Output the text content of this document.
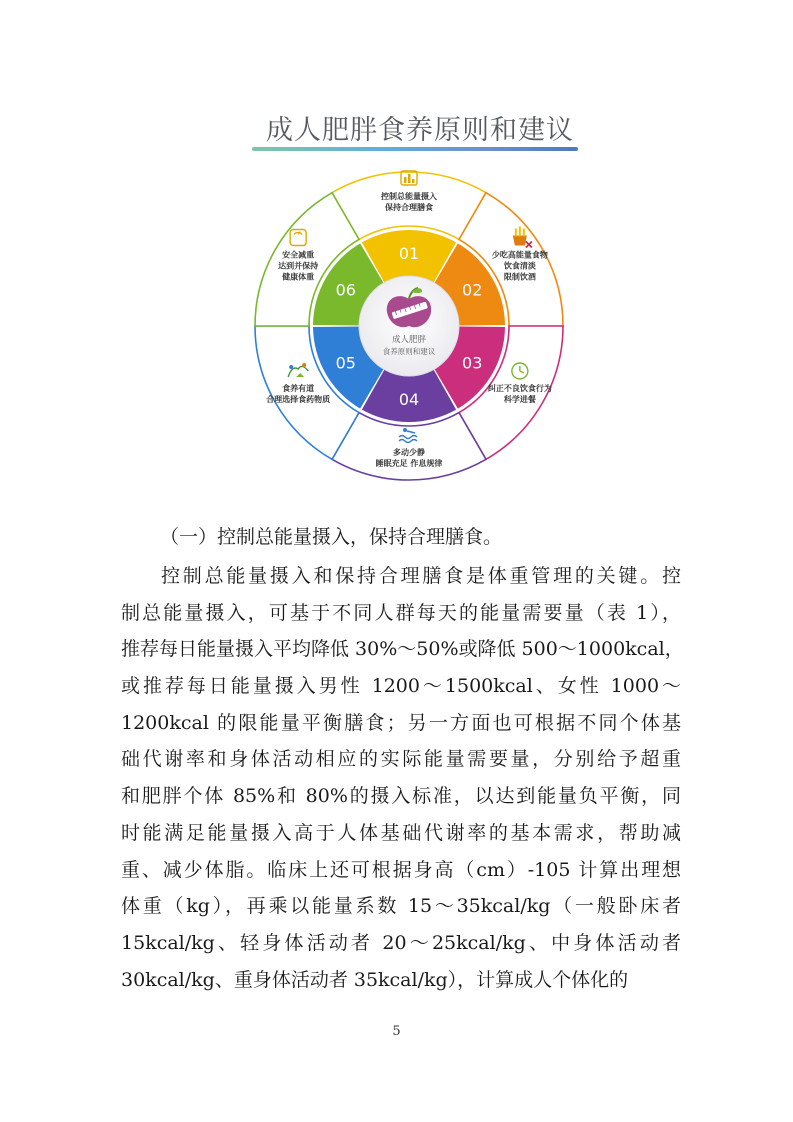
成人肥胖食养原则和建议
成人肥胖
食养原则和建议
01
控制总能量摄入
保持合理膳食
02
少吃高能量食物
饮食清淡
限制饮酒
03
纠正不良饮食行为
科学进餐
04
多动少静
睡眠充足 作息规律
05
食养有道
合理选择食药物质
06
安全减重
达到并保持
健康体重
（一）控制总能量摄入，保持合理膳食。
控制总能量摄入和保持合理膳食是体重管理的关键。控
制总能量摄入，可基于不同人群每天的能量需要量（表 1），
推荐每日能量摄入平均降低 30%～50%或降低 500～1000kcal，
或推荐每日能量摄入男性 1200～1500kcal、女性 1000～
1200kcal 的限能量平衡膳食；另一方面也可根据不同个体基
础代谢率和身体活动相应的实际能量需要量，分别给予超重
和肥胖个体 85%和 80%的摄入标准，以达到能量负平衡，同
时能满足能量摄入高于人体基础代谢率的基本需求，帮助减
重、减少体脂。临床上还可根据身高（cm）-105 计算出理想
体重（kg），再乘以能量系数 15～35kcal/kg（一般卧床者
15kcal/kg、轻身体活动者 20～25kcal/kg、中身体活动者
30kcal/kg、重身体活动者 35kcal/kg），计算成人个体化的
5
